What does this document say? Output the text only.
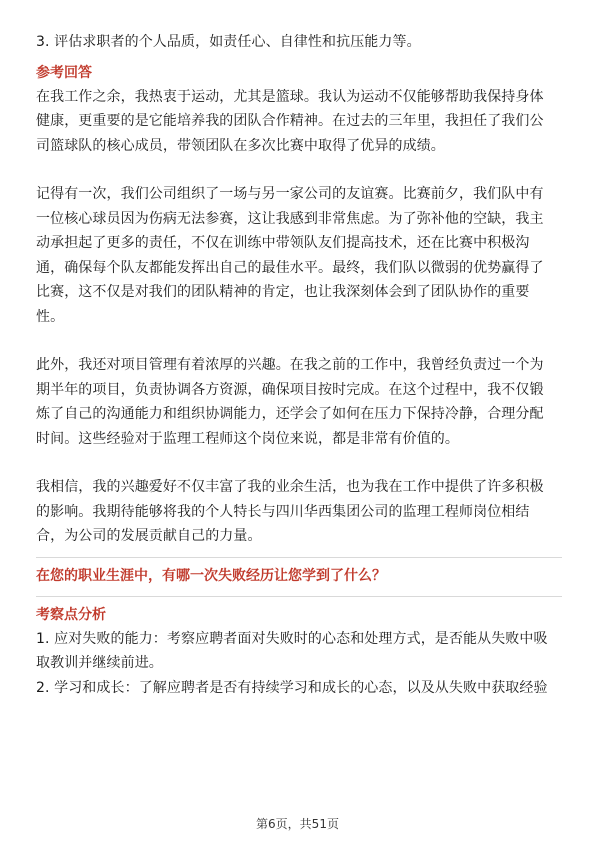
3. 评估求职者的个人品质，如责任心、自律性和抗压能力等。
参考回答
在我工作之余，我热衷于运动，尤其是篮球。我认为运动不仅能够帮助我保持身体
健康，更重要的是它能培养我的团队合作精神。在过去的三年里，我担任了我们公
司篮球队的核心成员，带领团队在多次比赛中取得了优异的成绩。
记得有一次，我们公司组织了一场与另一家公司的友谊赛。比赛前夕，我们队中有
一位核心球员因为伤病无法参赛，这让我感到非常焦虑。为了弥补他的空缺，我主
动承担起了更多的责任，不仅在训练中带领队友们提高技术，还在比赛中积极沟
通，确保每个队友都能发挥出自己的最佳水平。最终，我们队以微弱的优势赢得了
比赛，这不仅是对我们的团队精神的肯定，也让我深刻体会到了团队协作的重要
性。
此外，我还对项目管理有着浓厚的兴趣。在我之前的工作中，我曾经负责过一个为
期半年的项目，负责协调各方资源，确保项目按时完成。在这个过程中，我不仅锻
炼了自己的沟通能力和组织协调能力，还学会了如何在压力下保持冷静，合理分配
时间。这些经验对于监理工程师这个岗位来说，都是非常有价值的。
我相信，我的兴趣爱好不仅丰富了我的业余生活，也为我在工作中提供了许多积极
的影响。我期待能够将我的个人特长与四川华西集团公司的监理工程师岗位相结
合，为公司的发展贡献自己的力量。
在您的职业生涯中，有哪一次失败经历让您学到了什么？
考察点分析
1. 应对失败的能力：考察应聘者面对失败时的心态和处理方式，是否能从失败中吸
取教训并继续前进。
2. 学习和成长：了解应聘者是否有持续学习和成长的心态，以及从失败中获取经验
第6页，共51页
